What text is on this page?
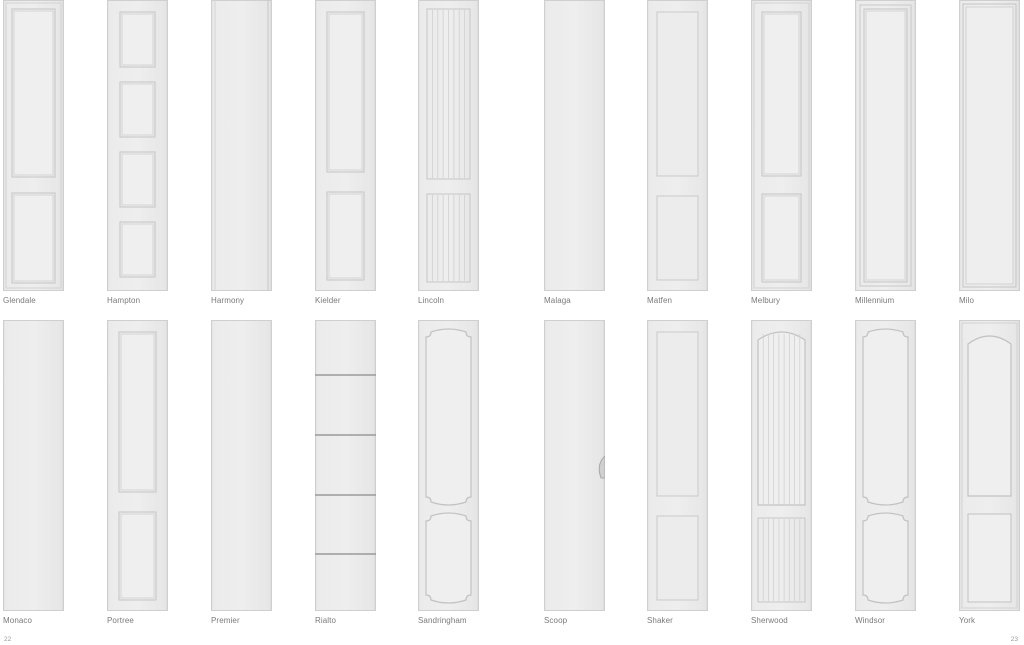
Glendale	Hampton	Harmony	Kielder	Lincoln	Malaga	Matfen	Melbury	Millennium	Milo
Monaco	Portree	Premier	Rialto	Sandringham	Scoop	Shaker	Sherwood	Windsor	York
22	23
